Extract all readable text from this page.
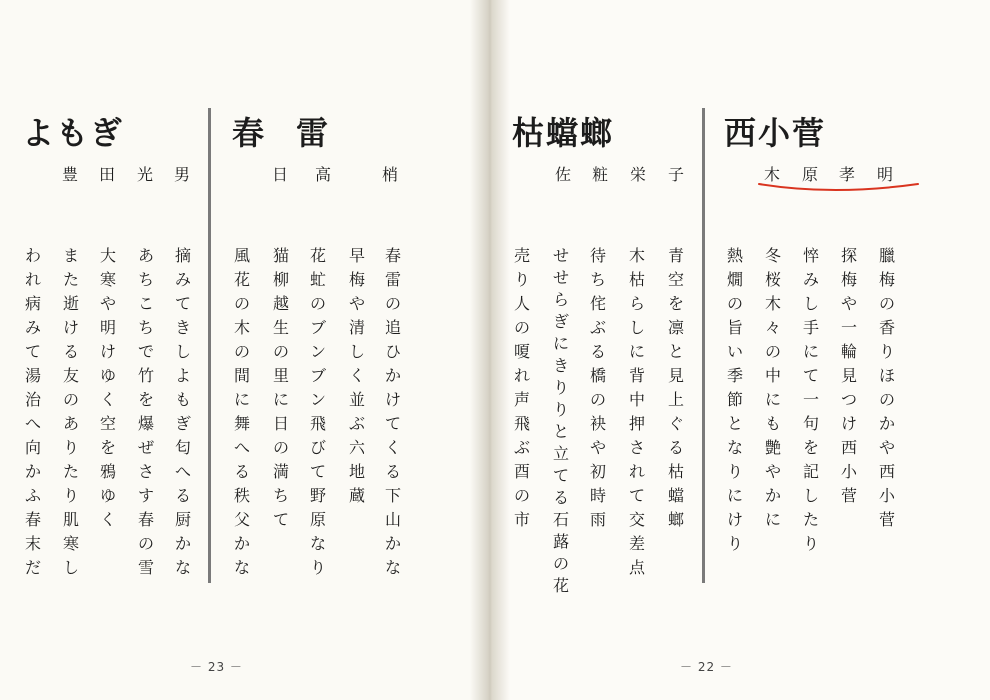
よもぎ	春　雷	枯蟷螂	西小菅
－ 23 －	－ 22 －
豊 田 光 男	日 高	梢	佐 粧 栄 子	木 原 孝 明
摘
み
て
き
し
よ
も
ぎ
匂
へ
る
厨
か
な
あ
ち
こ
ち
で
竹
を
爆
ぜ
さ
す
春
の
雪
大
寒
や
明
け
ゆ
く
空
を
鴉
ゆ
く
ま
た
逝
け
る
友
の
あ
り
た
り
肌
寒
し
わ
れ
病
み
て
湯
治
へ
向
か
ふ
春
末
だ
春
雷
の
追
ひ
か
け
て
く
る
下
山
か
な
早
梅
や
清
し
く
並
ぶ
六
地
蔵
花
虻
の
ブ
ン
ブ
ン
飛
び
て
野
原
な
り
猫
柳
越
生
の
里
に
日
の
満
ち
て
風
花
の
木
の
間
に
舞
へ
る
秩
父
か
な
青
空
を
凛
と
見
上
ぐ
る
枯
蟷
螂
木
枯
ら
し
に
背
中
押
さ
れ
て
交
差
点
待
ち
侘
ぶ
る
橋
の
袂
や
初
時
雨
せ
せ
ら
ぎ
に
き
り
り
と
立
て
る
石
蕗
の
花
売
り
人
の
嗄
れ
声
飛
ぶ
酉
の
市
臘
梅
の
香
り
ほ
の
か
や
西
小
菅
探
梅
や
一
輪
見
つ
け
西
小
菅
悴
み
し
手
に
て
一
句
を
記
し
た
り
冬
桜
木
々
の
中
に
も
艶
や
か
に
熱
燗
の
旨
い
季
節
と
な
り
に
け
り
